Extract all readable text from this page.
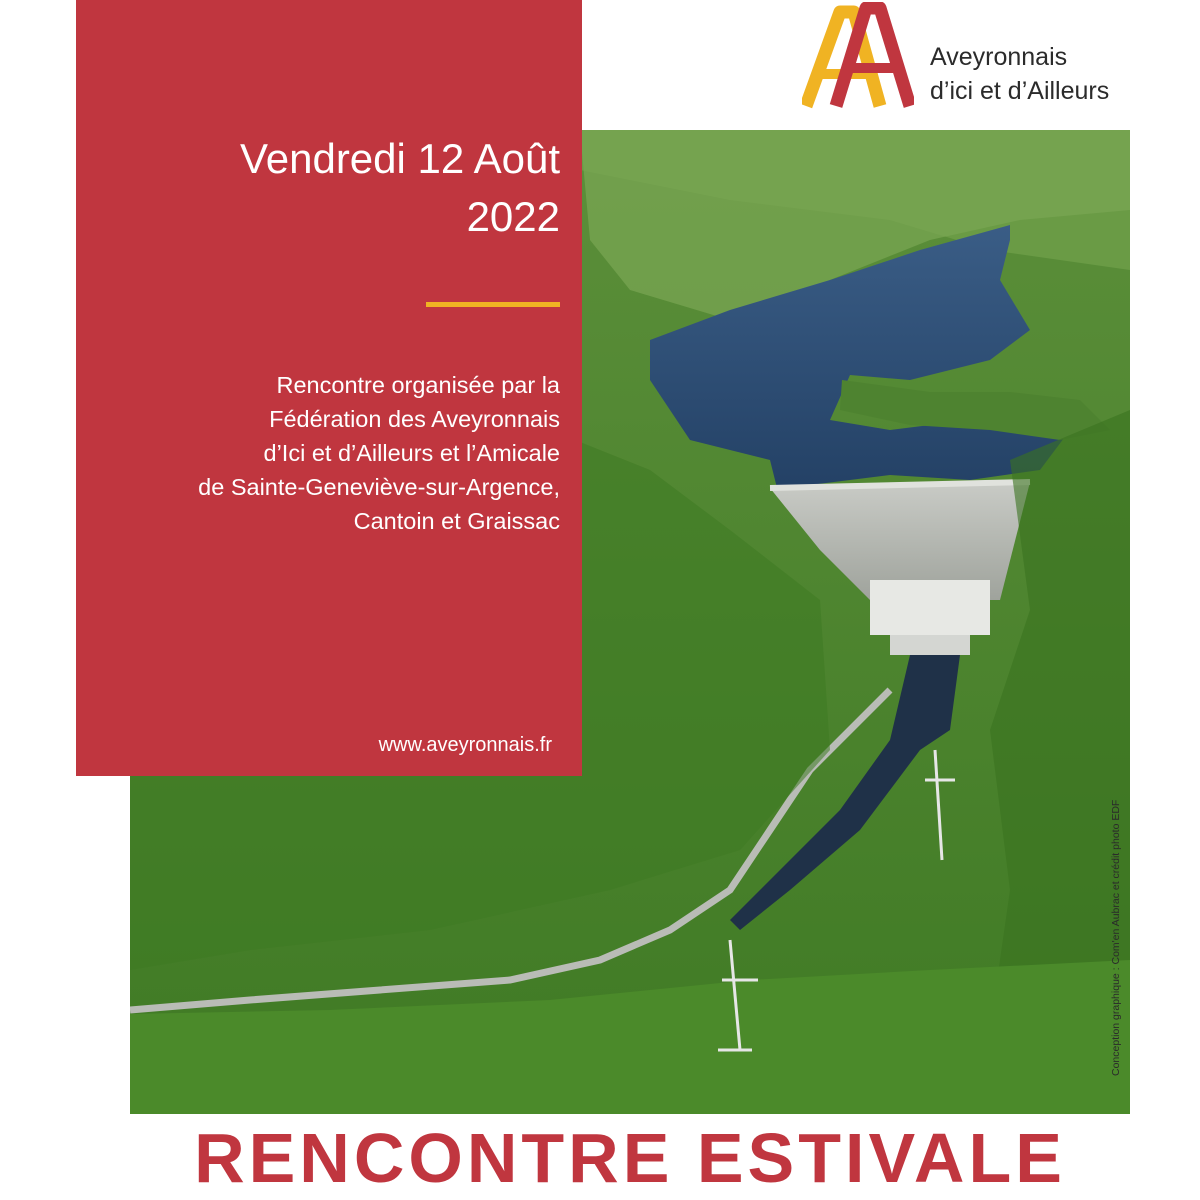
Aveyronnais
d’ici et d’Ailleurs
Conception graphique : Com'en Aubrac et crédit photo EDF
Vendredi 12 Août
2022
Rencontre organisée par la
Fédération des Aveyronnais
d’Ici et d’Ailleurs et l’Amicale
de Sainte-Geneviève-sur-Argence,
Cantoin et Graissac
www.aveyronnais.fr
RENCONTRE ESTIVALE
